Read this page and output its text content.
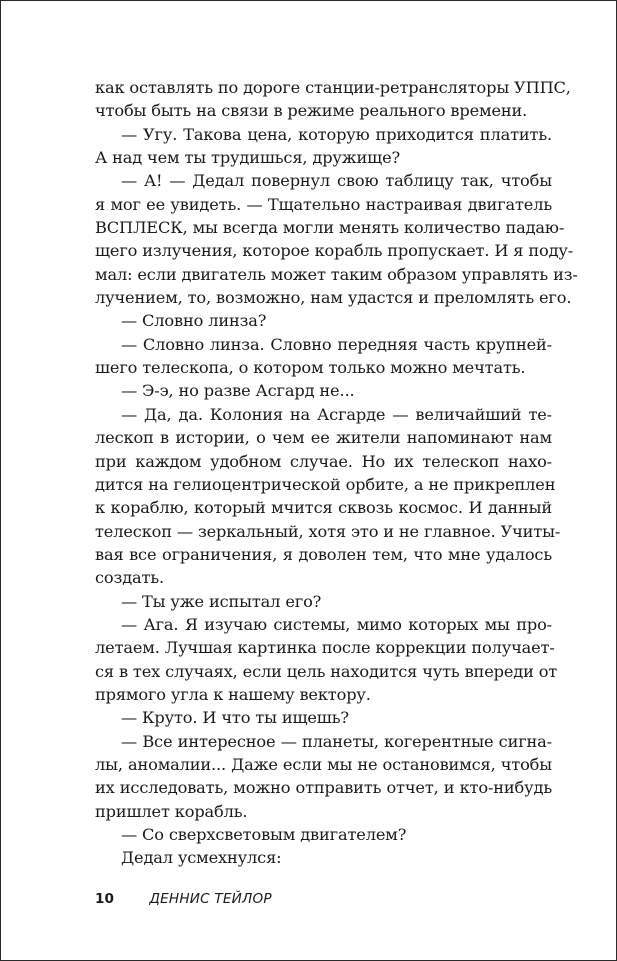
как оставлять по дороге станции-ретрансляторы УППС,
чтобы быть на связи в режиме реального времени.
— Угу. Такова цена, которую приходится платить.
А над чем ты трудишься, дружище?
— А! — Дедал повернул свою таблицу так, чтобы
я мог ее увидеть. — Тщательно настраивая двигатель
ВСПЛЕСК, мы всегда могли менять количество падаю-
щего излучения, которое корабль пропускает. И я поду-
мал: если двигатель может таким образом управлять из-
лучением, то, возможно, нам удастся и преломлять его.
— Словно линза?
— Словно линза. Словно передняя часть крупней-
шего телескопа, о котором только можно мечтать.
— Э-э, но разве Асгард не...
— Да, да. Колония на Асгарде — величайший те-
лескоп в истории, о чем ее жители напоминают нам
при каждом удобном случае. Но их телескоп нахо-
дится на гелиоцентрической орбите, а не прикреплен
к кораблю, который мчится сквозь космос. И данный
телескоп — зеркальный, хотя это и не главное. Учиты-
вая все ограничения, я доволен тем, что мне удалось
создать.
— Ты уже испытал его?
— Ага. Я изучаю системы, мимо которых мы про-
летаем. Лучшая картинка после коррекции получает-
ся в тех случаях, если цель находится чуть впереди от
прямого угла к нашему вектору.
— Круто. И что ты ищешь?
— Все интересное — планеты, когерентные сигна-
лы, аномалии... Даже если мы не остановимся, чтобы
их исследовать, можно отправить отчет, и кто-нибудь
пришлет корабль.
— Со сверхсветовым двигателем?
Дедал усмехнулся:
10	ДЕННИС ТЕЙЛОР
